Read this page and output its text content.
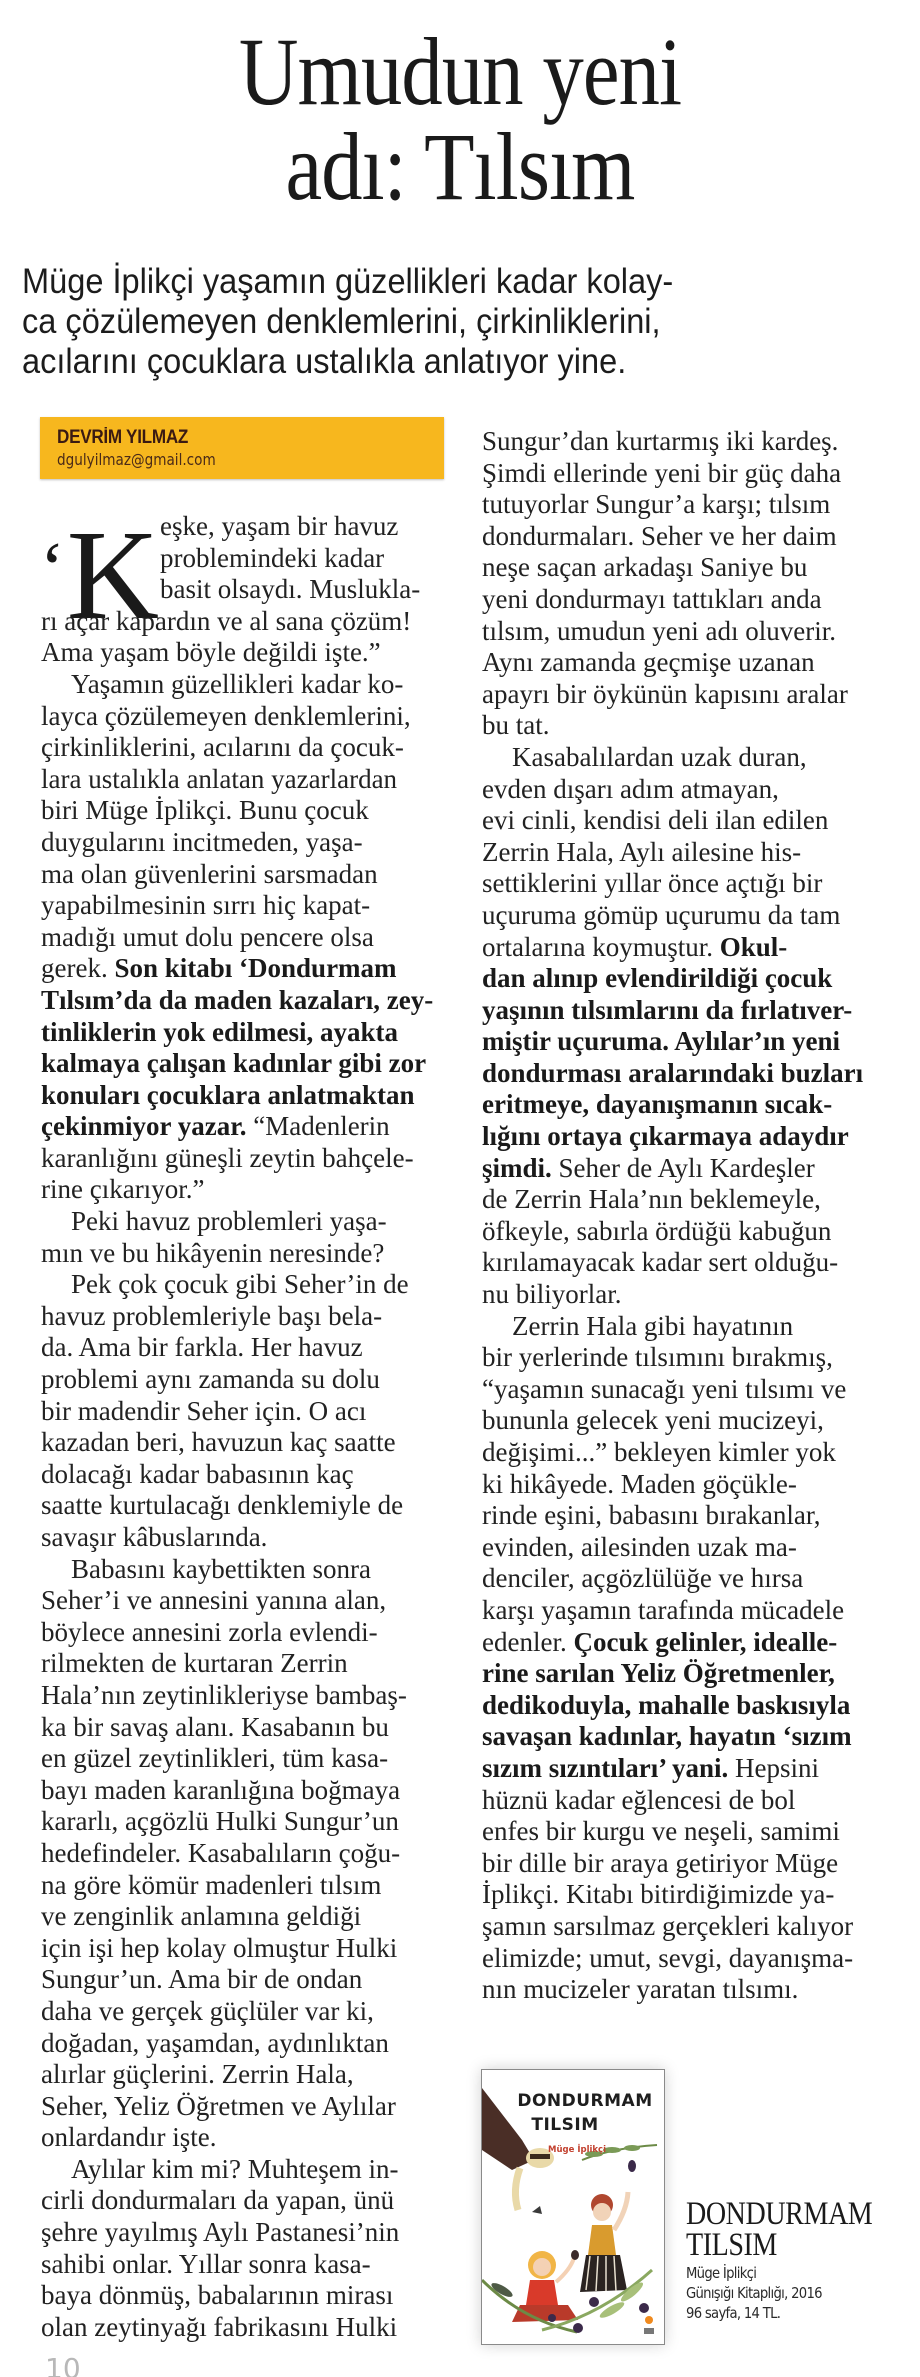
Umudun yeni
adı: Tılsım
Müge İplikçi yaşamın güzellikleri kadar kolay-
ca çözülemeyen denklemlerini, çirkinliklerini,
acılarını çocuklara ustalıkla anlatıyor yine.
DEVRİM YILMAZ
dgulyilmaz@gmail.com
‘K eşke, yaşam bir havuz
problemindeki kadar
basit olsaydı. Muslukla-
rı açar kapardın ve al sana çözüm!
Ama yaşam böyle değildi işte.”
Yaşamın güzellikleri kadar ko-
layca çözülemeyen denklemlerini,
çirkinliklerini, acılarını da çocuk-
lara ustalıkla anlatan yazarlardan
biri Müge İplikçi. Bunu çocuk
duygularını incitmeden, yaşa-
ma olan güvenlerini sarsmadan
yapabilmesinin sırrı hiç kapat-
madığı umut dolu pencere olsa
gerek. Son kitabı ‘Dondurmam
Tılsım’da da maden kazaları, zey-
tinliklerin yok edilmesi, ayakta
kalmaya çalışan kadınlar gibi zor
konuları çocuklara anlatmaktan
çekinmiyor yazar. “Madenlerin
karanlığını güneşli zeytin bahçele-
rine çıkarıyor.”
Peki havuz problemleri yaşa-
mın ve bu hikâyenin neresinde?
Pek çok çocuk gibi Seher’in de
havuz problemleriyle başı bela-
da. Ama bir farkla. Her havuz
problemi aynı zamanda su dolu
bir madendir Seher için. O acı
kazadan beri, havuzun kaç saatte
dolacağı kadar babasının kaç
saatte kurtulacağı denklemiyle de
savaşır kâbuslarında.
Babasını kaybettikten sonra
Seher’i ve annesini yanına alan,
böylece annesini zorla evlendi-
rilmekten de kurtaran Zerrin
Hala’nın zeytinlikleriyse bambaş-
ka bir savaş alanı. Kasabanın bu
en güzel zeytinlikleri, tüm kasa-
bayı maden karanlığına boğmaya
kararlı, açgözlü Hulki Sungur’un
hedefindeler. Kasabalıların çoğu-
na göre kömür madenleri tılsım
ve zenginlik anlamına geldiği
için işi hep kolay olmuştur Hulki
Sungur’un. Ama bir de ondan
daha ve gerçek güçlüler var ki,
doğadan, yaşamdan, aydınlıktan
alırlar güçlerini. Zerrin Hala,
Seher, Yeliz Öğretmen ve Aylılar
onlardandır işte.
Aylılar kim mi? Muhteşem in-
cirli dondurmaları da yapan, ünü
şehre yayılmış Aylı Pastanesi’nin
sahibi onlar. Yıllar sonra kasa-
baya dönmüş, babalarının mirası
olan zeytinyağı fabrikasını Hulki
Sungur’dan kurtarmış iki kardeş.
Şimdi ellerinde yeni bir güç daha
tutuyorlar Sungur’a karşı; tılsım
dondurmaları. Seher ve her daim
neşe saçan arkadaşı Saniye bu
yeni dondurmayı tattıkları anda
tılsım, umudun yeni adı oluverir.
Aynı zamanda geçmişe uzanan
apayrı bir öykünün kapısını aralar
bu tat.
Kasabalılardan uzak duran,
evden dışarı adım atmayan,
evi cinli, kendisi deli ilan edilen
Zerrin Hala, Aylı ailesine his-
settiklerini yıllar önce açtığı bir
uçuruma gömüp uçurumu da tam
ortalarına koymuştur. Okul-
dan alınıp evlendirildiği çocuk
yaşının tılsımlarını da fırlatıver-
miştir uçuruma. Aylılar’ın yeni
dondurması aralarındaki buzları
eritmeye, dayanışmanın sıcak-
lığını ortaya çıkarmaya adaydır
şimdi. Seher de Aylı Kardeşler
de Zerrin Hala’nın beklemeyle,
öfkeyle, sabırla ördüğü kabuğun
kırılamayacak kadar sert olduğu-
nu biliyorlar.
Zerrin Hala gibi hayatının
bir yerlerinde tılsımını bırakmış,
“yaşamın sunacağı yeni tılsımı ve
bununla gelecek yeni mucizeyi,
değişimi...” bekleyen kimler yok
ki hikâyede. Maden göçükle-
rinde eşini, babasını bırakanlar,
evinden, ailesinden uzak ma-
denciler, açgözlülüğe ve hırsa
karşı yaşamın tarafında mücadele
edenler. Çocuk gelinler, idealle-
rine sarılan Yeliz Öğretmenler,
dedikoduyla, mahalle baskısıyla
savaşan kadınlar, hayatın ‘sızım
sızım sızıntıları’ yani. Hepsini
hüznü kadar eğlencesi de bol
enfes bir kurgu ve neşeli, samimi
bir dille bir araya getiriyor Müge
İplikçi. Kitabı bitirdiğimizde ya-
şamın sarsılmaz gerçekleri kalıyor
elimizde; umut, sevgi, dayanışma-
nın mucizeler yaratan tılsımı.
DONDURMAM
TILSIM
Müge İplikçi
DONDURMAM
TILSIM
Müge İplikçi
Günışığı Kitaplığı, 2016
96 sayfa, 14 TL.
10
